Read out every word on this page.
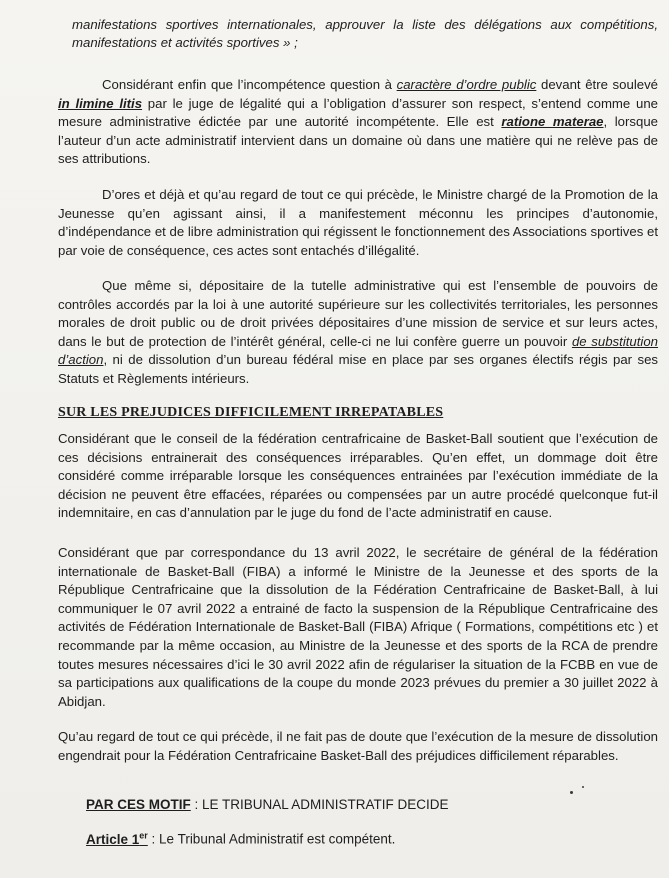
manifestations sportives internationales, approuver la liste des délégations aux compétitions, manifestations et activités sportives » ;

Considérant enfin que l’incompétence question à caractère d’ordre public devant être soulevé in limine litis par le juge de légalité qui a l’obligation d’assurer son respect, s’entend comme une mesure administrative édictée par une autorité incompétente. Elle est ratione materae, lorsque l’auteur d’un acte administratif intervient dans un domaine où dans une matière qui ne relève pas de ses attributions.

D’ores et déjà et qu’au regard de tout ce qui précède, le Ministre chargé de la Promotion de la Jeunesse qu’en agissant ainsi, il a manifestement méconnu les principes d’autonomie, d’indépendance et de libre administration qui régissent le fonctionnement des Associations sportives et par voie de conséquence, ces actes sont entachés d’illégalité.

Que même si, dépositaire de la tutelle administrative qui est l’ensemble de pouvoirs de contrôles accordés par la loi à une autorité supérieure sur les collectivités territoriales, les personnes morales de droit public ou de droit privées dépositaires d’une mission de service et sur leurs actes, dans le but de protection de l’intérêt général, celle-ci ne lui confère guerre un pouvoir de substitution d’action, ni de dissolution d’un bureau fédéral mise en place par ses organes électifs régis par ses Statuts et Règlements intérieurs.

SUR LES PREJUDICES DIFFICILEMENT IRREPATABLES

Considérant que le conseil de la fédération centrafricaine de Basket-Ball soutient que l’exécution de ces décisions entrainerait des conséquences irréparables. Qu’en effet, un dommage doit être considéré comme irréparable lorsque les conséquences entrainées par l’exécution immédiate de la décision ne peuvent être effacées, réparées ou compensées par un autre procédé quelconque fut-il indemnitaire, en cas d’annulation par le juge du fond de l’acte administratif en cause.

Considérant que par correspondance du 13 avril 2022, le secrétaire de général de la fédération internationale de Basket-Ball (FIBA) a informé le Ministre de la Jeunesse et des sports de la République Centrafricaine que la dissolution de la Fédération Centrafricaine de Basket-Ball, à lui communiquer le 07 avril 2022 a entrainé de facto la suspension de la République Centrafricaine des activités de Fédération Internationale de Basket-Ball (FIBA) Afrique ( Formations, compétitions etc ) et recommande par la même occasion, au Ministre de la Jeunesse et des sports de la RCA de prendre toutes mesures nécessaires d’ici le 30 avril 2022 afin de régulariser la situation de la FCBB en vue de sa participations aux qualifications de la coupe du monde 2023 prévues du premier a 30 juillet 2022 à Abidjan.

Qu’au regard de tout ce qui précède, il ne fait pas de doute que l’exécution de la mesure de dissolution engendrait pour la Fédération Centrafricaine Basket-Ball des préjudices difficilement réparables.

PAR CES MOTIF : LE TRIBUNAL ADMINISTRATIF DECIDE
Article 1er : Le Tribunal Administratif est compétent.
